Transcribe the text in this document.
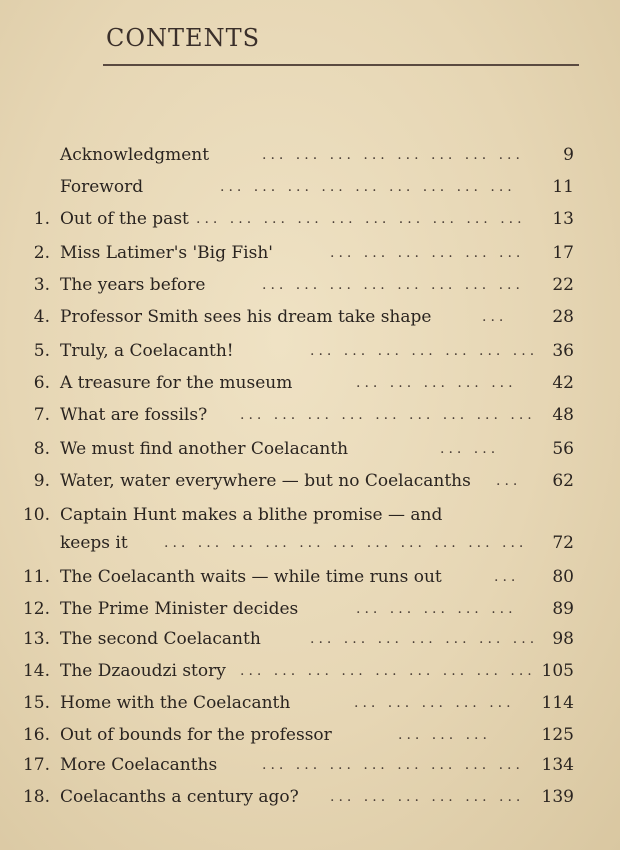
CONTENTS
Acknowledgment	... ... ... ... ... ... ... ... 9
Foreword	... ... ... ... ... ... ... ... ... 11
1. Out of the past ... ... ... ... ... ... ... ... ... ... 13
2. Miss Latimer's 'Big Fish'	... ... ... ... ... ... 17
3. The years before	... ... ... ... ... ... ... ... 22
4. Professor Smith sees his dream take shape	...	28
5. Truly, a Coelacanth!	... ... ... ... ... ... ... 36
6. A treasure for the museum	... ... ... ... ... 42
7. What are fossils? ... ... ... ... ... ... ... ... ... 48
8. We must find another Coelacanth	... ...	56
9. Water, water everywhere — but no Coelacanths ... 62
10. Captain Hunt makes a blithe promise — and
keeps it	... ... ... ... ... ... ... ... ... ... ... 72
11. The Coelacanth waits — while time runs out	... 80
12. The Prime Minister decides	... ... ... ... ... 89
13. The second Coelacanth	... ... ... ... ... ... ... 98
14. The Dzaoudzi story ... ... ... ... ... ... ... ... ... 105
15. Home with the Coelacanth	... ... ... ... ... 114
16. Out of bounds for the professor	... ... ...	125
17. More Coelacanths	... ... ... ... ... ... ... ... 134
18. Coelacanths a century ago? ... ... ... ... ... ... 139
